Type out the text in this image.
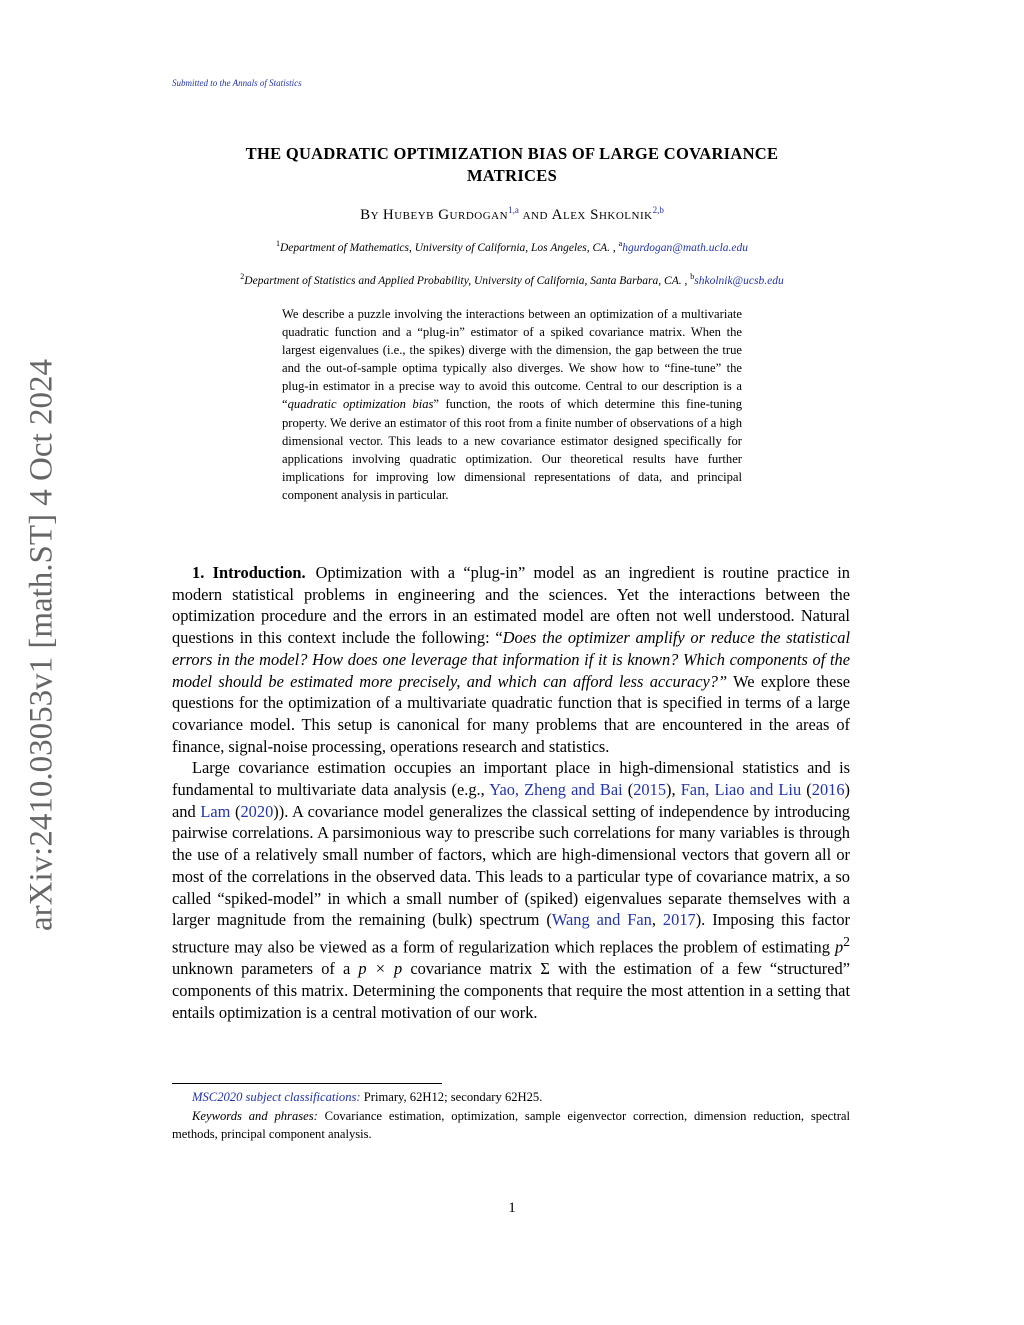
Submitted to the Annals of Statistics
arXiv:2410.03053v1 [math.ST] 4 Oct 2024
THE QUADRATIC OPTIMIZATION BIAS OF LARGE COVARIANCE
MATRICES
By Hubeyb Gurdogan$^{1,a}$ and Alex Shkolnik$^{2,b}$
$^1$Department of Mathematics, University of California, Los Angeles, CA. , $^a$hgurdogan@math.ucla.edu
$^2$Department of Statistics and Applied Probability, University of California, Santa Barbara, CA. , $^b$shkolnik@ucsb.edu
We describe a puzzle involving the interactions between an optimization of a multivariate quadratic function and a “plug-in” estimator of a spiked covariance matrix. When the largest eigenvalues (i.e., the spikes) diverge with the dimension, the gap between the true and the out-of-sample optima typically also diverges. We show how to “fine-tune” the plug-in estimator in a precise way to avoid this outcome. Central to our description is a “quadratic optimization bias” function, the roots of which determine this fine-tuning property. We derive an estimator of this root from a finite number of observations of a high dimensional vector. This leads to a new covariance estimator designed specifically for applications involving quadratic optimization. Our theoretical results have further implications for improving low dimensional representations of data, and principal component analysis in particular.

1. Introduction. Optimization with a “plug-in” model as an ingredient is routine practice in modern statistical problems in engineering and the sciences. Yet the interactions between the optimization procedure and the errors in an estimated model are often not well understood. Natural questions in this context include the following: “Does the optimizer amplify or reduce the statistical errors in the model? How does one leverage that information if it is known? Which components of the model should be estimated more precisely, and which can afford less accuracy?” We explore these questions for the optimization of a multivariate quadratic function that is specified in terms of a large covariance model. This setup is canonical for many problems that are encountered in the areas of finance, signal-noise processing, operations research and statistics.

Large covariance estimation occupies an important place in high-dimensional statistics and is fundamental to multivariate data analysis (e.g., Yao, Zheng and Bai (2015), Fan, Liao and Liu (2016) and Lam (2020)). A covariance model generalizes the classical setting of independence by introducing pairwise correlations. A parsimonious way to prescribe such correlations for many variables is through the use of a relatively small number of factors, which are high-dimensional vectors that govern all or most of the correlations in the observed data. This leads to a particular type of covariance matrix, a so called “spiked-model” in which a small number of (spiked) eigenvalues separate themselves with a larger magnitude from the remaining (bulk) spectrum (Wang and Fan, 2017). Imposing this factor structure may also be viewed as a form of regularization which replaces the problem of estimating $p^2$ unknown parameters of a p × p covariance matrix Σ with the estimation of a few “structured” components of this matrix. Determining the components that require the most attention in a setting that entails optimization is a central motivation of our work.

MSC2020 subject classifications: Primary, 62H12; secondary 62H25.

Keywords and phrases: Covariance estimation, optimization, sample eigenvector correction, dimension reduction, spectral methods, principal component analysis.

1
